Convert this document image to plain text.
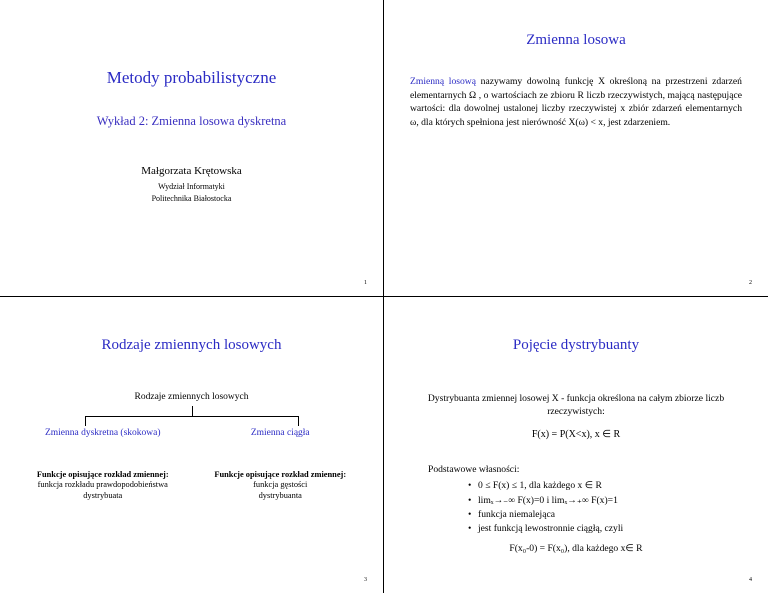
Metody probabilistyczne
Wykład 2: Zmienna losowa dyskretna
Małgorzata Krętowska
Wydział Informatyki
Politechnika Białostocka
1
Zmienna losowa
Zmienną losową nazywamy dowolną funkcję X określoną na przestrzeni zdarzeń elementarnych Ω , o wartościach ze zbioru R liczb rzeczywistych, mającą następujące wartości: dla dowolnej ustalonej liczby rzeczywistej x zbiór zdarzeń elementarnych ω, dla których spełniona jest nierówność X(ω) < x, jest zdarzeniem.
2
Rodzaje zmiennych losowych
Rodzaje zmiennych losowych
Zmienna dyskretna (skokowa)	Zmienna ciągła
Funkcje opisujące rozkład zmiennej:
funkcja rozkładu prawdopodobieństwa
dystrybuata
Funkcje opisujące rozkład zmiennej:
funkcja gęstości
dystrybuanta
3
Pojęcie dystrybuanty
Dystrybuanta zmiennej losowej X - funkcja określona na całym zbiorze liczb rzeczywistych:
F(x) = P(X<x), x ∈ R
Podstawowe własności:
• 0 ≤ F(x) ≤ 1, dla każdego x ∈ R
• limₓ→₋∞ F(x)=0 i limₓ→₊∞ F(x)=1
• funkcja niemalejąca
• jest funkcją lewostronnie ciągłą, czyli
F(x₀-0) = F(x₀), dla każdego x∈ R
4
